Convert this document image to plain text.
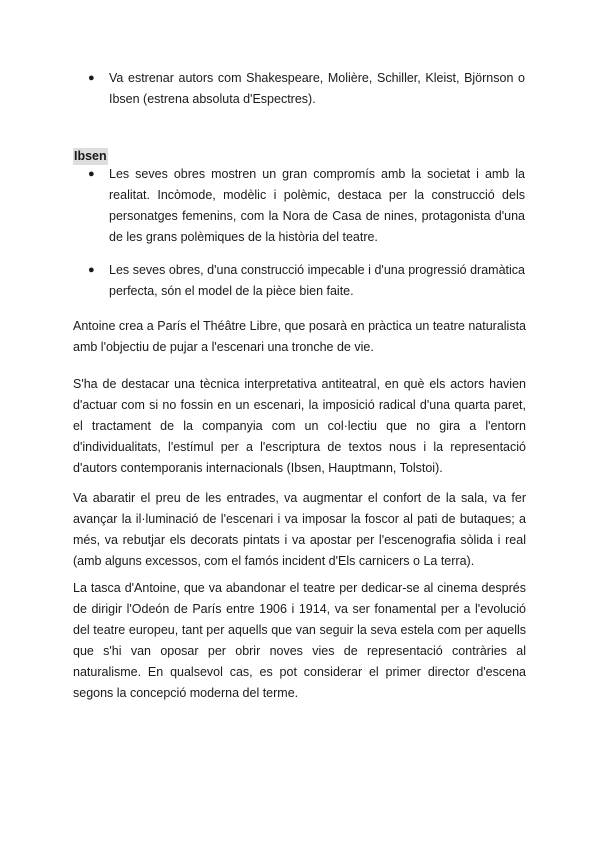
● Va estrenar autors com Shakespeare, Molière, Schiller, Kleist, Björnson o Ibsen (estrena absoluta d'Espectres).
Ibsen
● Les seves obres mostren un gran compromís amb la societat i amb la realitat. Incòmode, modèlic i polèmic, destaca per la construcció dels personatges femenins, com la Nora de Casa de nines, protagonista d'una de les grans polèmiques de la història del teatre.
● Les seves obres, d'una construcció impecable i d'una progressió dramàtica perfecta, són el model de la pièce bien faite.
Antoine crea a París el Théâtre Libre, que posarà en pràctica un teatre naturalista amb l'objectiu de pujar a l'escenari una tronche de vie.
S'ha de destacar una tècnica interpretativa antiteatral, en què els actors havien d'actuar com si no fossin en un escenari, la imposició radical d'una quarta paret, el tractament de la companyia com un col·lectiu que no gira a l'entorn d'individualitats, l'estímul per a l'escriptura de textos nous i la representació d'autors contemporanis internacionals (Ibsen, Hauptmann, Tolstoi).
Va abaratir el preu de les entrades, va augmentar el confort de la sala, va fer avançar la il·luminació de l'escenari i va imposar la foscor al pati de butaques; a més, va rebutjar els decorats pintats i va apostar per l'escenografia sòlida i real (amb alguns excessos, com el famós incident d'Els carnicers o La terra).
La tasca d'Antoine, que va abandonar el teatre per dedicar-se al cinema després de dirigir l'Odeón de París entre 1906 i 1914, va ser fonamental per a l'evolució del teatre europeu, tant per aquells que van seguir la seva estela com per aquells que s'hi van oposar per obrir noves vies de representació contràries al naturalisme. En qualsevol cas, es pot considerar el primer director d'escena segons la concepció moderna del terme.
